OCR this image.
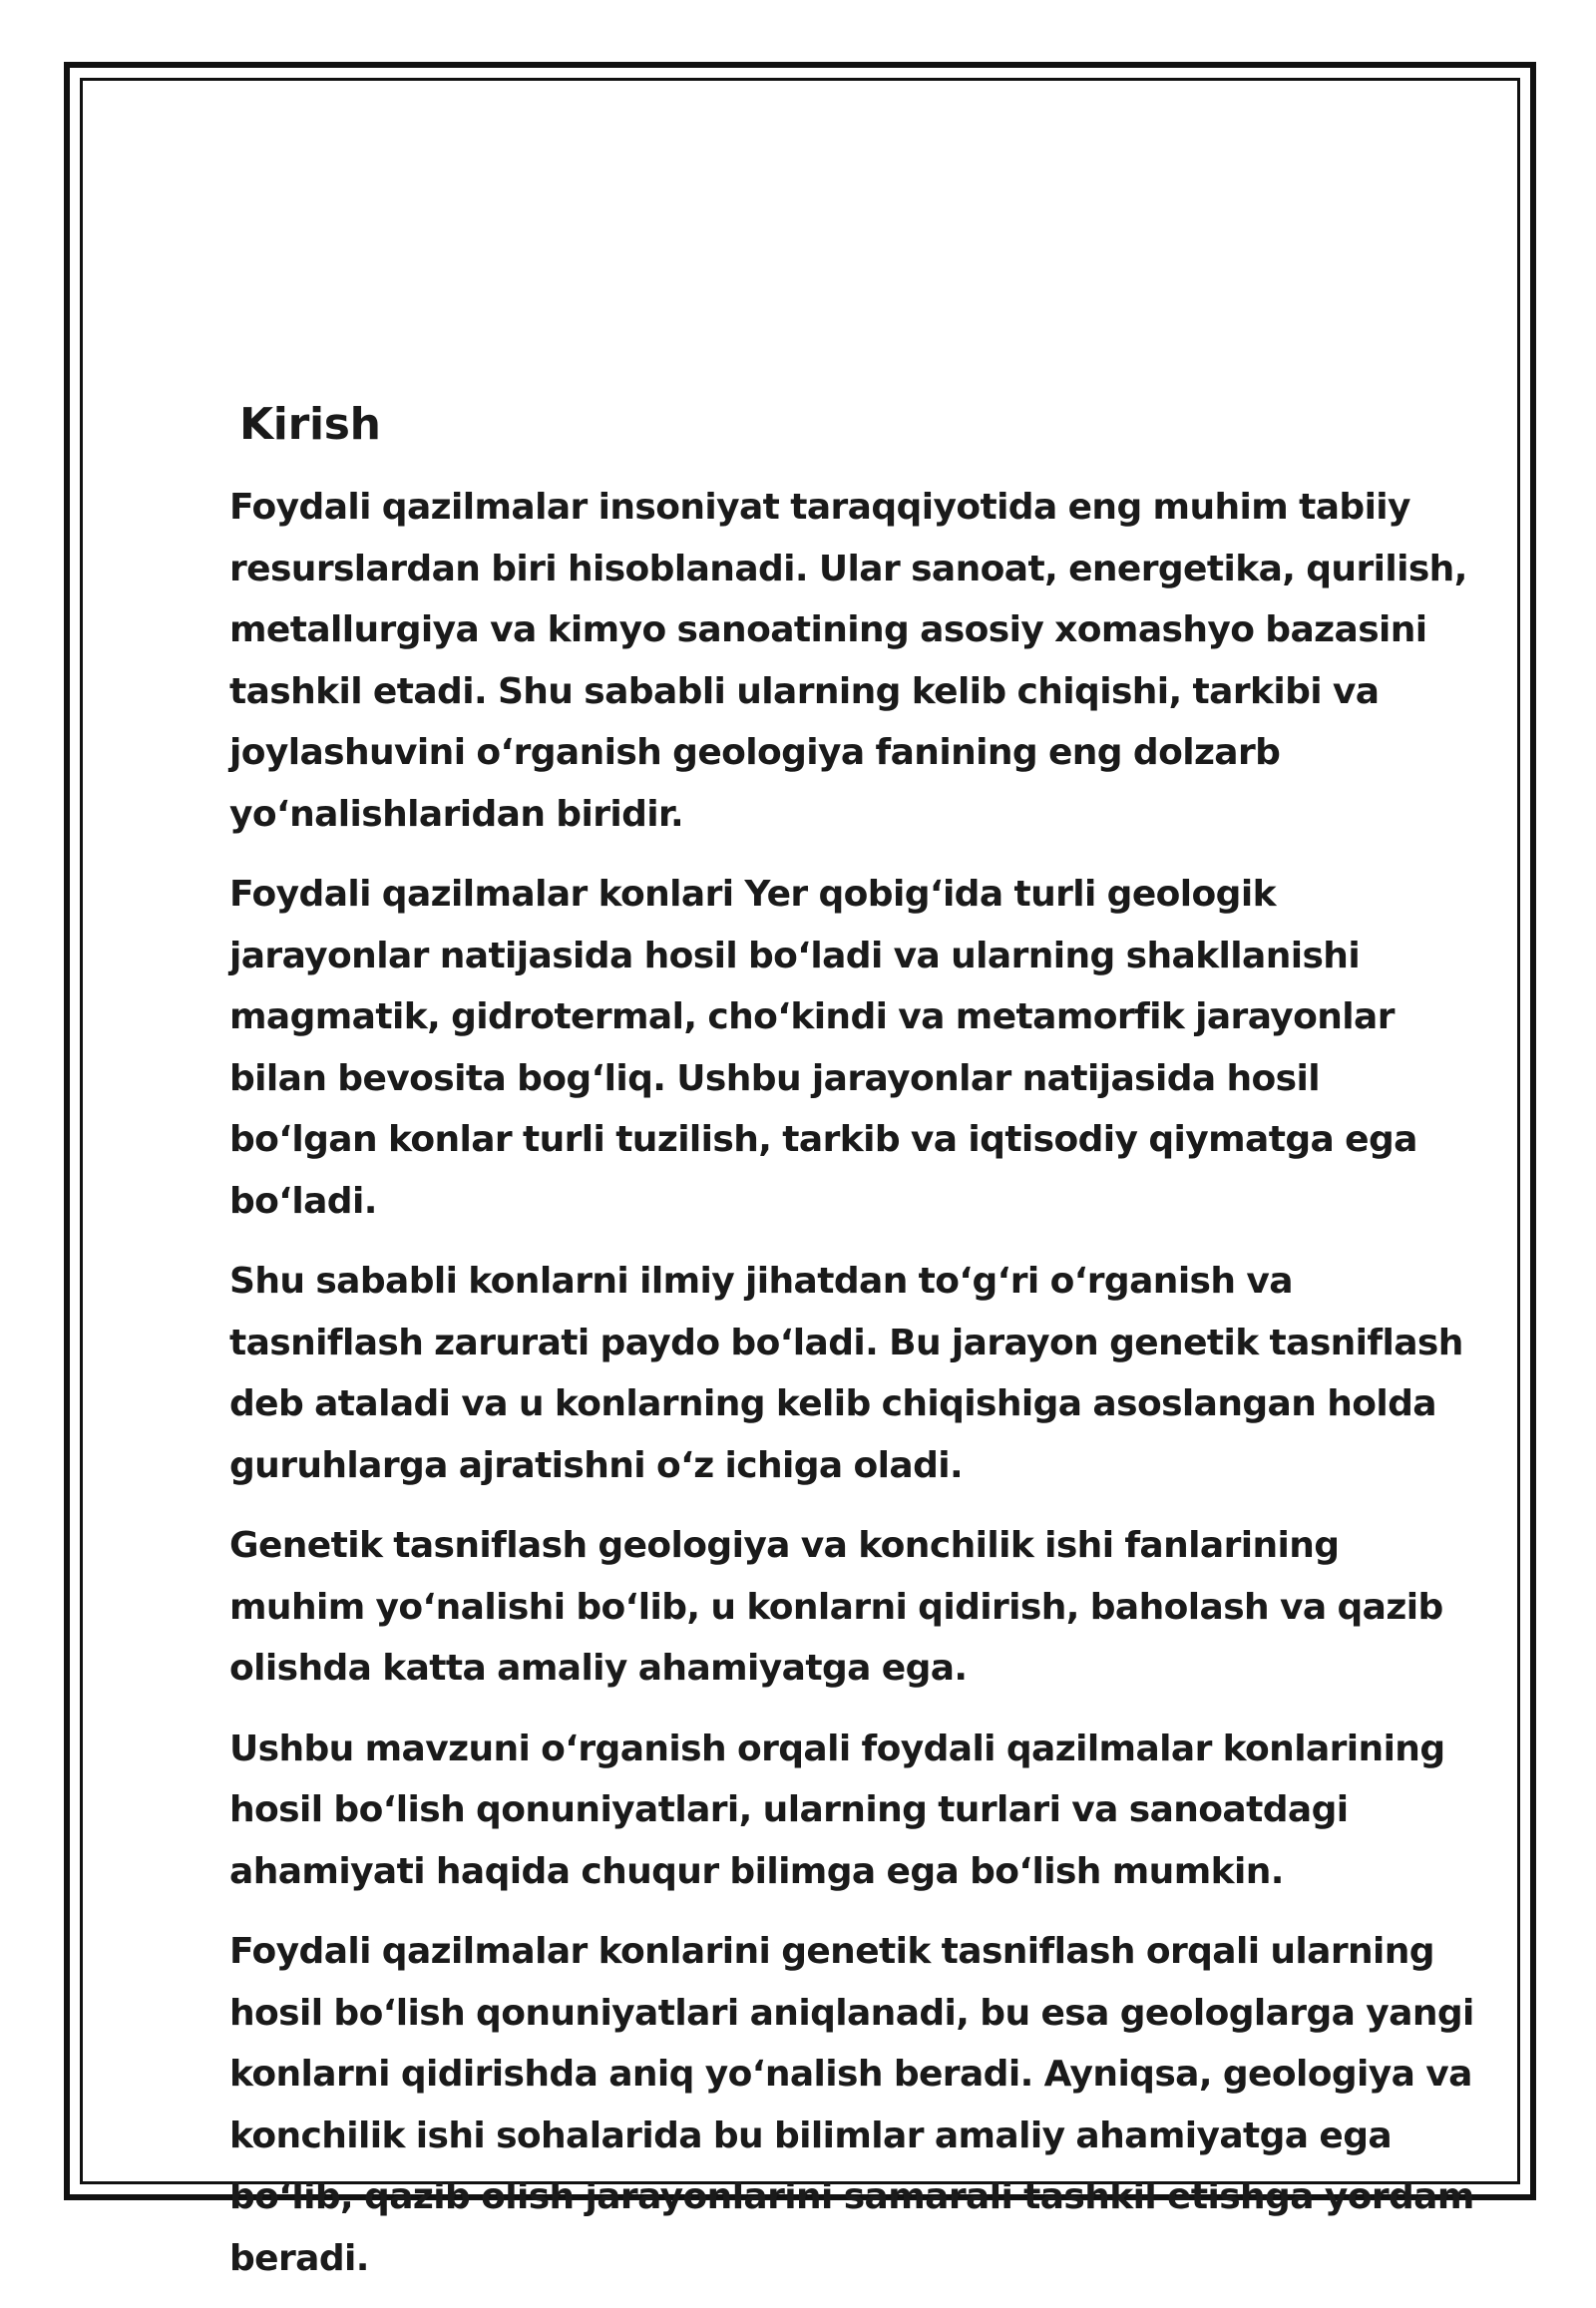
Kirish

Foydali qazilmalar insoniyat taraqqiyotida eng muhim tabiiy resurslardan biri hisoblanadi. Ular sanoat, energetika, qurilish, metallurgiya va kimyo sanoatining asosiy xomashyo bazasini tashkil etadi. Shu sababli ularning kelib chiqishi, tarkibi va joylashuvini o‘rganish geologiya fanining eng dolzarb yo‘nalishlaridan biridir.

Foydali qazilmalar konlari Yer qobig‘ida turli geologik jarayonlar natijasida hosil bo‘ladi va ularning shakllanishi magmatik, gidrotermal, cho‘kindi va metamorfik jarayonlar bilan bevosita bog‘liq. Ushbu jarayonlar natijasida hosil bo‘lgan konlar turli tuzilish, tarkib va iqtisodiy qiymatga ega bo‘ladi.

Shu sababli konlarni ilmiy jihatdan to‘g‘ri o‘rganish va tasniflash zarurati paydo bo‘ladi. Bu jarayon genetik tasniflash deb ataladi va u konlarning kelib chiqishiga asoslangan holda guruhlarga ajratishni o‘z ichiga oladi.

Genetik tasniflash geologiya va konchilik ishi fanlarining muhim yo‘nalishi bo‘lib, u konlarni qidirish, baholash va qazib olishda katta amaliy ahamiyatga ega.

Ushbu mavzuni o‘rganish orqali foydali qazilmalar konlarining hosil bo‘lish qonuniyatlari, ularning turlari va sanoatdagi ahamiyati haqida chuqur bilimga ega bo‘lish mumkin.

Foydali qazilmalar konlarini genetik tasniflash orqali ularning hosil bo‘lish qonuniyatlari aniqlanadi, bu esa geologlarga yangi konlarni qidirishda aniq yo‘nalish beradi. Ayniqsa, geologiya va konchilik ishi sohalarida bu bilimlar amaliy ahamiyatga ega bo‘lib, qazib olish jarayonlarini samarali tashkil etishga yordam beradi.
